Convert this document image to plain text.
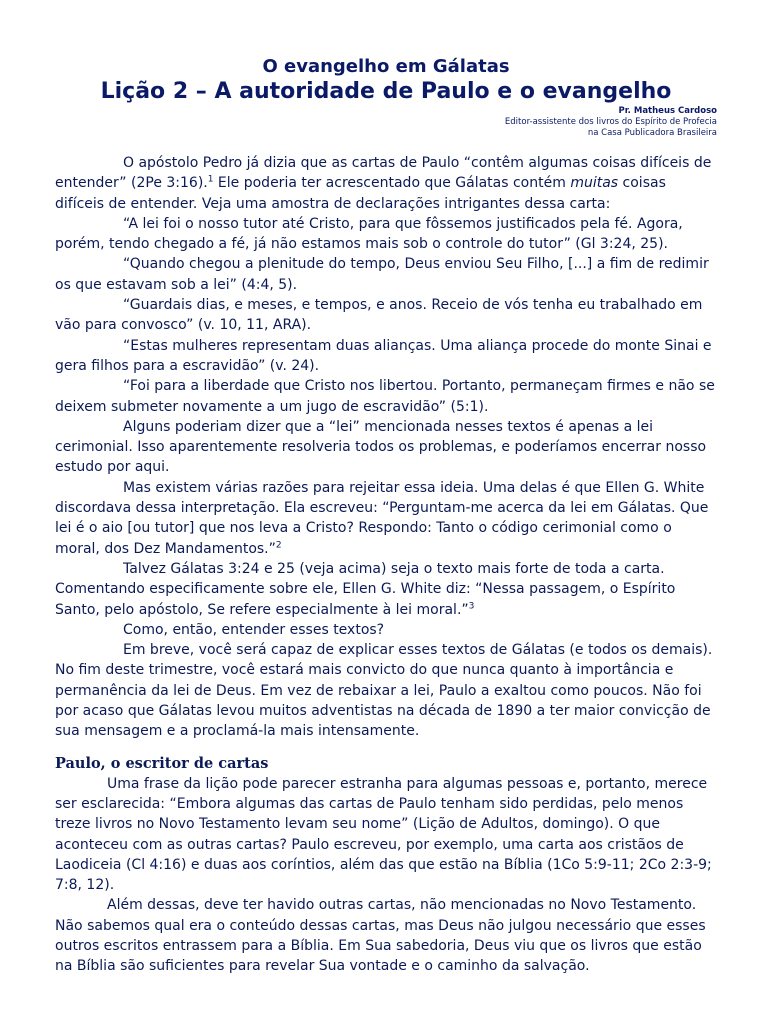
O evangelho em Gálatas
Lição 2 – A autoridade de Paulo e o evangelho
Pr. Matheus Cardoso
Editor-assistente dos livros do Espírito de Profecia
na Casa Publicadora Brasileira

O apóstolo Pedro já dizia que as cartas de Paulo “contêm algumas coisas difíceis de entender” (2Pe 3:16).$^1$ Ele poderia ter acrescentado que Gálatas contém muitas coisas difíceis de entender. Veja uma amostra de declarações intrigantes dessa carta:

“A lei foi o nosso tutor até Cristo, para que fôssemos justificados pela fé. Agora, porém, tendo chegado a fé, já não estamos mais sob o controle do tutor” (Gl 3:24, 25).

“Quando chegou a plenitude do tempo, Deus enviou Seu Filho, [...] a fim de redimir os que estavam sob a lei” (4:4, 5).

“Guardais dias, e meses, e tempos, e anos. Receio de vós tenha eu trabalhado em vão para convosco” (v. 10, 11, ARA).

“Estas mulheres representam duas alianças. Uma aliança procede do monte Sinai e gera filhos para a escravidão” (v. 24).

“Foi para a liberdade que Cristo nos libertou. Portanto, permaneçam firmes e não se deixem submeter novamente a um jugo de escravidão” (5:1).

Alguns poderiam dizer que a “lei” mencionada nesses textos é apenas a lei cerimonial. Isso aparentemente resolveria todos os problemas, e poderíamos encerrar nosso estudo por aqui.

Mas existem várias razões para rejeitar essa ideia. Uma delas é que Ellen G. White discordava dessa interpretação. Ela escreveu: “Perguntam-me acerca da lei em Gálatas. Que lei é o aio [ou tutor] que nos leva a Cristo? Respondo: Tanto o código cerimonial como o moral, dos Dez Mandamentos.”$^2$

Talvez Gálatas 3:24 e 25 (veja acima) seja o texto mais forte de toda a carta. Comentando especificamente sobre ele, Ellen G. White diz: “Nessa passagem, o Espírito Santo, pelo apóstolo, Se refere especialmente à lei moral.”$^3$

Como, então, entender esses textos?

Em breve, você será capaz de explicar esses textos de Gálatas (e todos os demais). No fim deste trimestre, você estará mais convicto do que nunca quanto à importância e permanência da lei de Deus. Em vez de rebaixar a lei, Paulo a exaltou como poucos. Não foi por acaso que Gálatas levou muitos adventistas na década de 1890 a ter maior convicção de sua mensagem e a proclamá-la mais intensamente.

Paulo, o escritor de cartas

Uma frase da lição pode parecer estranha para algumas pessoas e, portanto, merece ser esclarecida: “Embora algumas das cartas de Paulo tenham sido perdidas, pelo menos treze livros no Novo Testamento levam seu nome” (Lição de Adultos, domingo). O que aconteceu com as outras cartas? Paulo escreveu, por exemplo, uma carta aos cristãos de Laodiceia (Cl 4:16) e duas aos coríntios, além das que estão na Bíblia (1Co 5:9-11; 2Co 2:3-9; 7:8, 12).

Além dessas, deve ter havido outras cartas, não mencionadas no Novo Testamento. Não sabemos qual era o conteúdo dessas cartas, mas Deus não julgou necessário que esses outros escritos entrassem para a Bíblia. Em Sua sabedoria, Deus viu que os livros que estão na Bíblia são suficientes para revelar Sua vontade e o caminho da salvação.
